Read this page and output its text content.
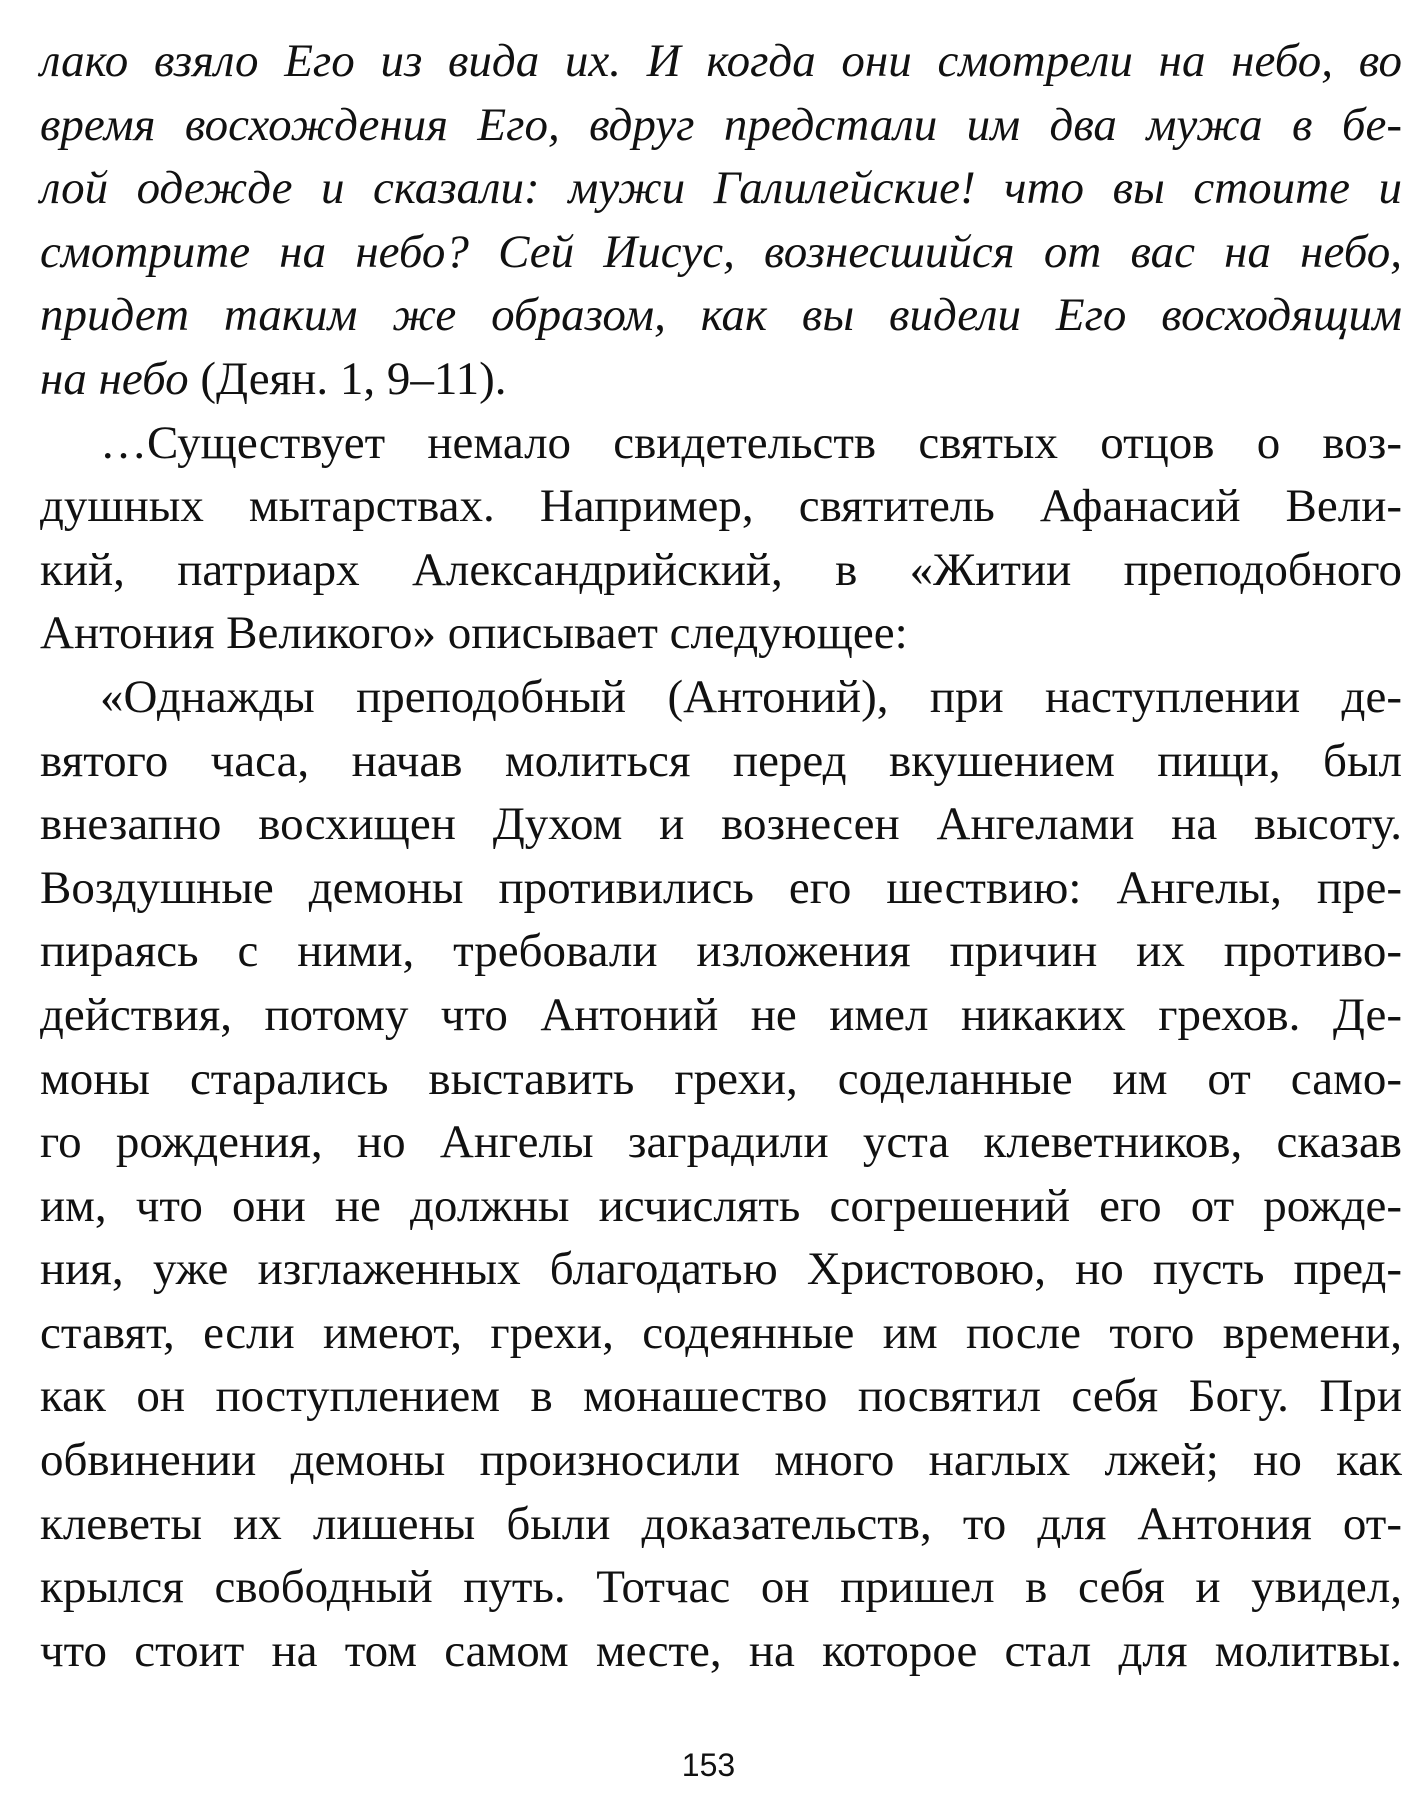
лако взяло Его из вида их. И когда они смотрели на небо, во
время восхождения Его, вдруг предстали им два мужа в бе-
лой одежде и сказали: мужи Галилейские! что вы стоите и
смотрите на небо? Сей Иисус, вознесшийся от вас на небо,
придет таким же образом, как вы видели Его восходящим
на небо (Деян. 1, 9–11).
…Существует немало свидетельств святых отцов о воз-
душных мытарствах. Например, святитель Афанасий Вели-
кий, патриарх Александрийский, в «Житии преподобного
Антония Великого» описывает следующее:
«Однажды преподобный (Антоний), при наступлении де-
вятого часа, начав молиться перед вкушением пищи, был
внезапно восхищен Духом и вознесен Ангелами на высоту.
Воздушные демоны противились его шествию: Ангелы, пре-
пираясь с ними, требовали изложения причин их противо-
действия, потому что Антоний не имел никаких грехов. Де-
моны старались выставить грехи, соделанные им от само-
го рождения, но Ангелы заградили уста клеветников, сказав
им, что они не должны исчислять согрешений его от рожде-
ния, уже изглаженных благодатью Христовою, но пусть пред-
ставят, если имеют, грехи, содеянные им после того времени,
как он поступлением в монашество посвятил себя Богу. При
обвинении демоны произносили много наглых лжей; но как
клеветы их лишены были доказательств, то для Антония от-
крылся свободный путь. Тотчас он пришел в себя и увидел,
что стоит на том самом месте, на которое стал для молитвы.
153
